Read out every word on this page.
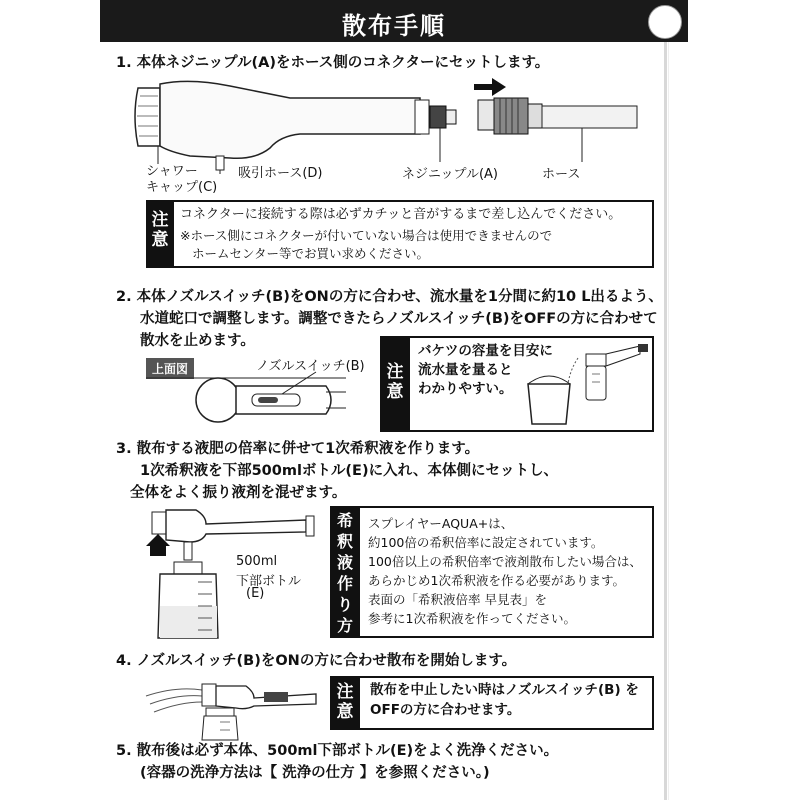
散布手順
1. 本体ネジニップル(A)をホース側のコネクターにセットします。
シャワー
キャップ(C)
吸引ホース(D)	ネジニップル(A)	ホース
注意
コネクターに接続する際は必ずカチッと音がするまで差し込んでください。
※ホース側にコネクターが付いていない場合は使用できませんので
ホームセンター等でお買い求めください。
2. 本体ノズルスイッチ(B)をONの方に合わせ、流水量を1分間に約10 L出るよう、
水道蛇口で調整します。調整できたらノズルスイッチ(B)をOFFの方に合わせて
散水を止めます。
上面図	ノズルスイッチ(B) 注意
バケツの容量を目安に
流水量を量ると
わかりやすい。
3. 散布する液肥の倍率に併せて1次希釈液を作ります。
1次希釈液を下部500mlボトル(E)に入れ、本体側にセットし、
全体をよく振り液剤を混ぜます。
500ml
下部ボトル
(E)
希釈液作り方
スプレイヤーAQUA+は、
約100倍の希釈倍率に設定されています。
100倍以上の希釈倍率で液剤散布したい場合は、
あらかじめ1次希釈液を作る必要があります。
表面の「希釈液倍率 早見表」を
参考に1次希釈液を作ってください。
4. ノズルスイッチ(B)をONの方に合わせ散布を開始します。
注意
散布を中止したい時はノズルスイッチ(B) を
OFFの方に合わせます。
5. 散布後は必ず本体、500ml下部ボトル(E)をよく洗浄ください。
(容器の洗浄方法は【 洗浄の仕方 】を参照ください。)
